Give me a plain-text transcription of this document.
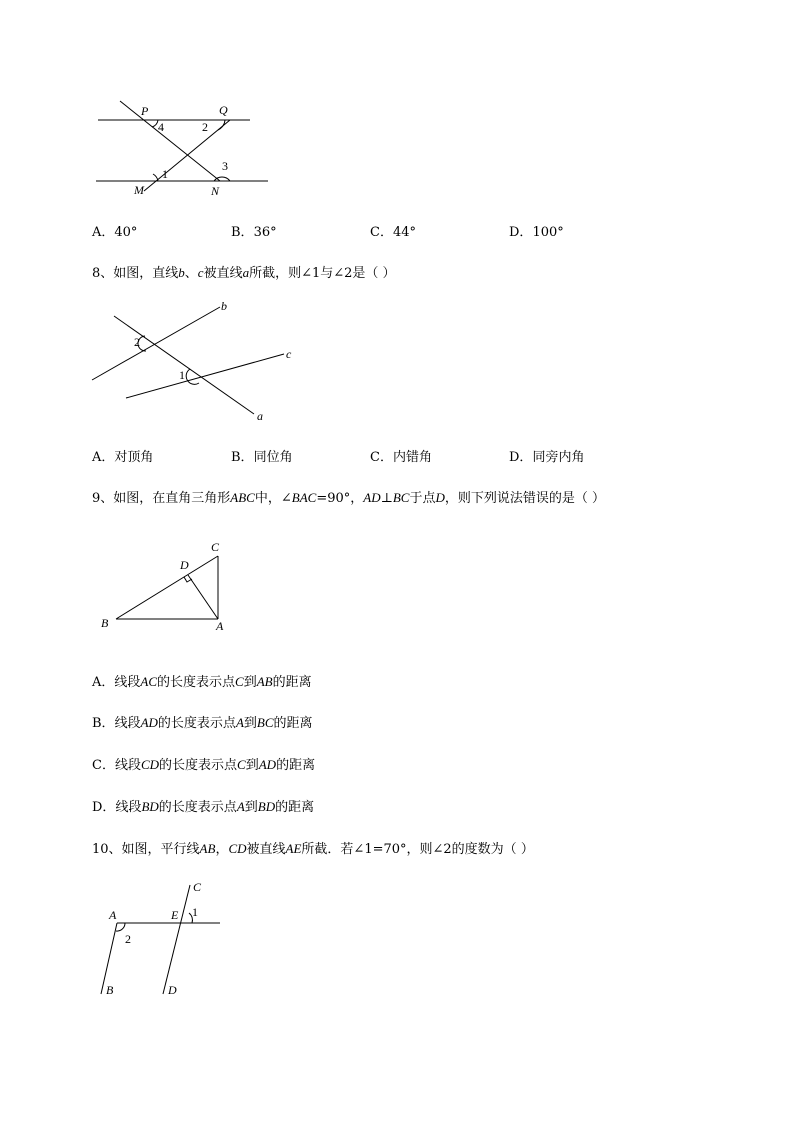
P	Q
M	N
1
2
3
4
A．40°	B．36°	C．44°	D．100°
8、如图，直线b、c被直线a所截，则∠1与∠2是（ ）
b
c
a
2
1
A．对顶角	B．同位角	C．内错角	D．同旁内角
9、如图，在直角三角形ABC中，∠BAC=90°，AD⊥BC于点D，则下列说法错误的是（ ）
C
D
B	A
A．线段AC的长度表示点C到AB的距离
B．线段AD的长度表示点A到BC的距离
C．线段CD的长度表示点C到AD的距离
D．线段BD的长度表示点A到BD的距离
10、如图，平行线AB，CD被直线AE所截．若∠1=70°，则∠2的度数为（ ）
C
A	E 1
2
B	D
